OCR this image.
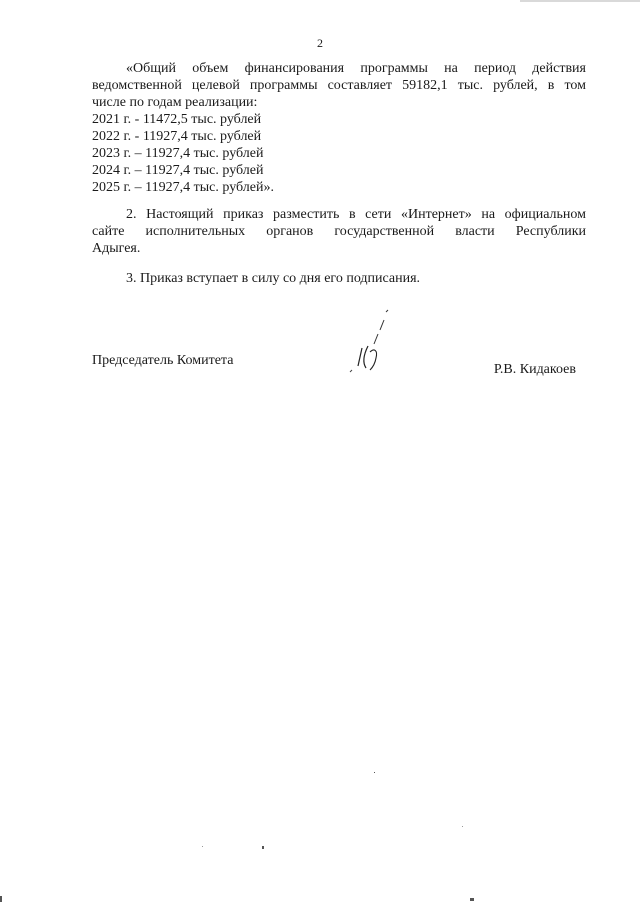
2
«Общий объем финансирования программы на период действия
ведомственной целевой программы составляет 59182,1 тыс. рублей, в том
числе по годам реализации:
2021 г. - 11472,5 тыс. рублей
2022 г. - 11927,4 тыс. рублей
2023 г. – 11927,4 тыс. рублей
2024 г. – 11927,4 тыс. рублей
2025 г. – 11927,4 тыс. рублей».
2. Настоящий приказ разместить в сети «Интернет» на официальном
сайте исполнительных органов государственной власти Республики
Адыгея.
3. Приказ вступает в силу со дня его подписания.
Председатель Комитета
Р.В. Кидакоев
